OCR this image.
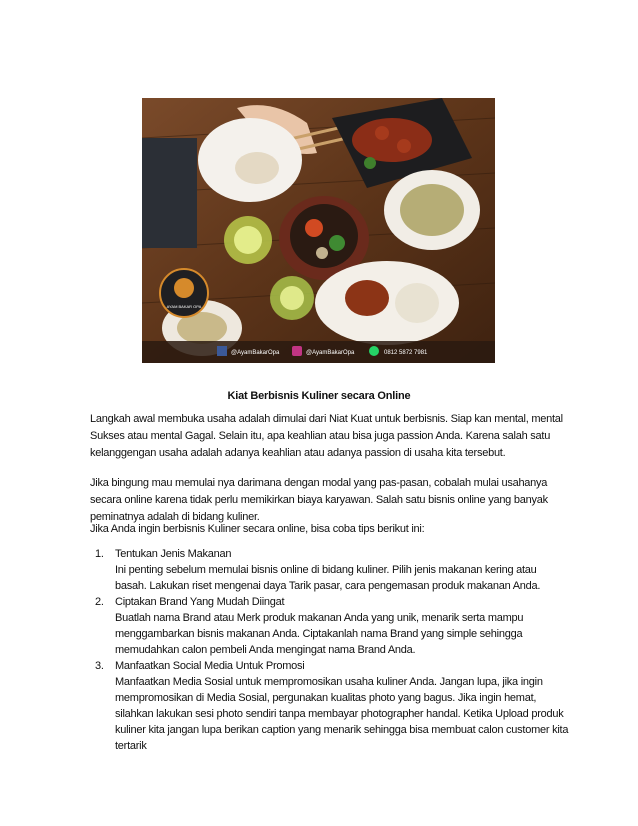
AYAM BAKAR OPA
@AyamBakarOpa	@AyamBakarOpa	0812 5872 7981
Kiat Berbisnis Kuliner secara Online
Langkah awal membuka usaha adalah dimulai dari Niat Kuat untuk berbisnis. Siap kan mental, mental Sukses atau mental Gagal. Selain itu, apa keahlian atau bisa juga passion Anda. Karena salah satu kelanggengan usaha adalah adanya keahlian atau adanya passion di usaha kita tersebut.
Jika bingung mau memulai nya darimana dengan modal yang pas-pasan, cobalah mulai usahanya secara online karena tidak perlu memikirkan biaya karyawan. Salah satu bisnis online yang banyak peminatnya adalah di bidang kuliner.
Jika Anda ingin berbisnis Kuliner secara online, bisa coba tips berikut ini:
1. Tentukan Jenis Makanan
Ini penting sebelum memulai bisnis online di bidang kuliner. Pilih jenis makanan kering atau basah. Lakukan riset mengenai daya Tarik pasar, cara pengemasan produk makanan Anda.
2. Ciptakan Brand Yang Mudah Diingat
Buatlah nama Brand atau Merk produk makanan Anda yang unik, menarik serta mampu menggambarkan bisnis makanan Anda. Ciptakanlah nama Brand yang simple sehingga memudahkan calon pembeli Anda mengingat nama Brand Anda.
3. Manfaatkan Social Media Untuk Promosi
Manfaatkan Media Sosial untuk mempromosikan usaha kuliner Anda. Jangan lupa, jika ingin mempromosikan di Media Sosial, pergunakan kualitas photo yang bagus. Jika ingin hemat, silahkan lakukan sesi photo sendiri tanpa membayar photographer handal. Ketika Upload produk kuliner kita jangan lupa berikan caption yang menarik sehingga bisa membuat calon customer kita tertarik
